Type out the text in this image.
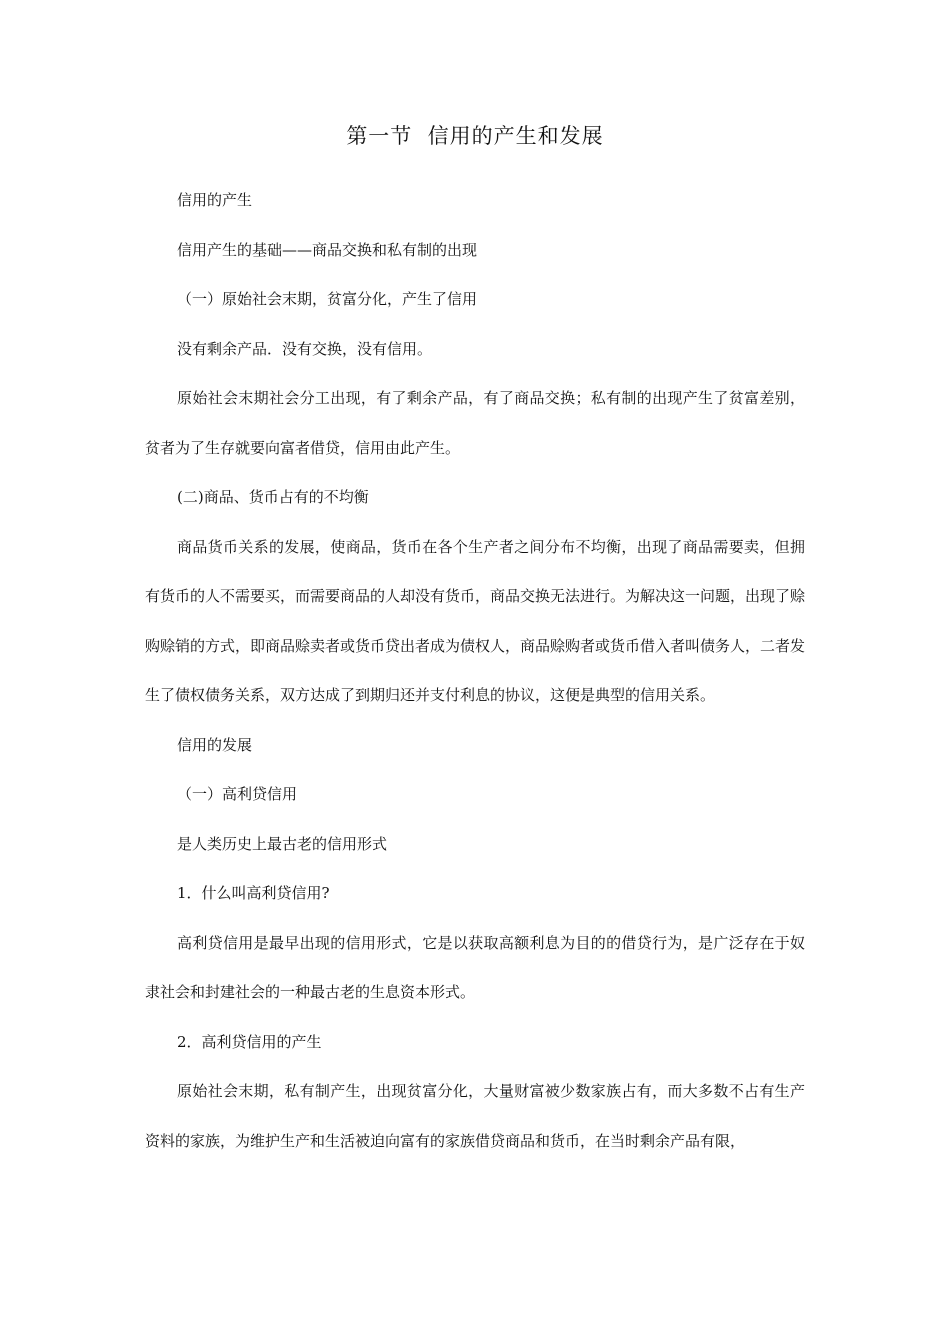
第一节  信用的产生和发展

信用的产生

信用产生的基础——商品交换和私有制的出现

（一）原始社会末期，贫富分化，产生了信用

没有剩余产品．没有交换，没有信用。

原始社会末期社会分工出现，有了剩余产品，有了商品交换；私有制的出现产生了贫富差别，贫者为了生存就要向富者借贷，信用由此产生。

(二)商品、货币占有的不均衡

商品货币关系的发展，使商品，货币在各个生产者之间分布不均衡，出现了商品需要卖，但拥有货币的人不需要买，而需要商品的人却没有货币，商品交换无法进行。为解决这一问题，出现了赊购赊销的方式，即商品赊卖者或货币贷出者成为债权人，商品赊购者或货币借入者叫债务人，二者发生了债权债务关系，双方达成了到期归还并支付利息的协议，这便是典型的信用关系。

信用的发展

（一）高利贷信用

是人类历史上最古老的信用形式

1．什么叫高利贷信用?

高利贷信用是最早出现的信用形式，它是以获取高额利息为目的的借贷行为，是广泛存在于奴隶社会和封建社会的一种最古老的生息资本形式。

2．高利贷信用的产生

原始社会末期，私有制产生，出现贫富分化，大量财富被少数家族占有，而大多数不占有生产资料的家族，为维护生产和生活被迫向富有的家族借贷商品和货币，在当时剩余产品有限，
